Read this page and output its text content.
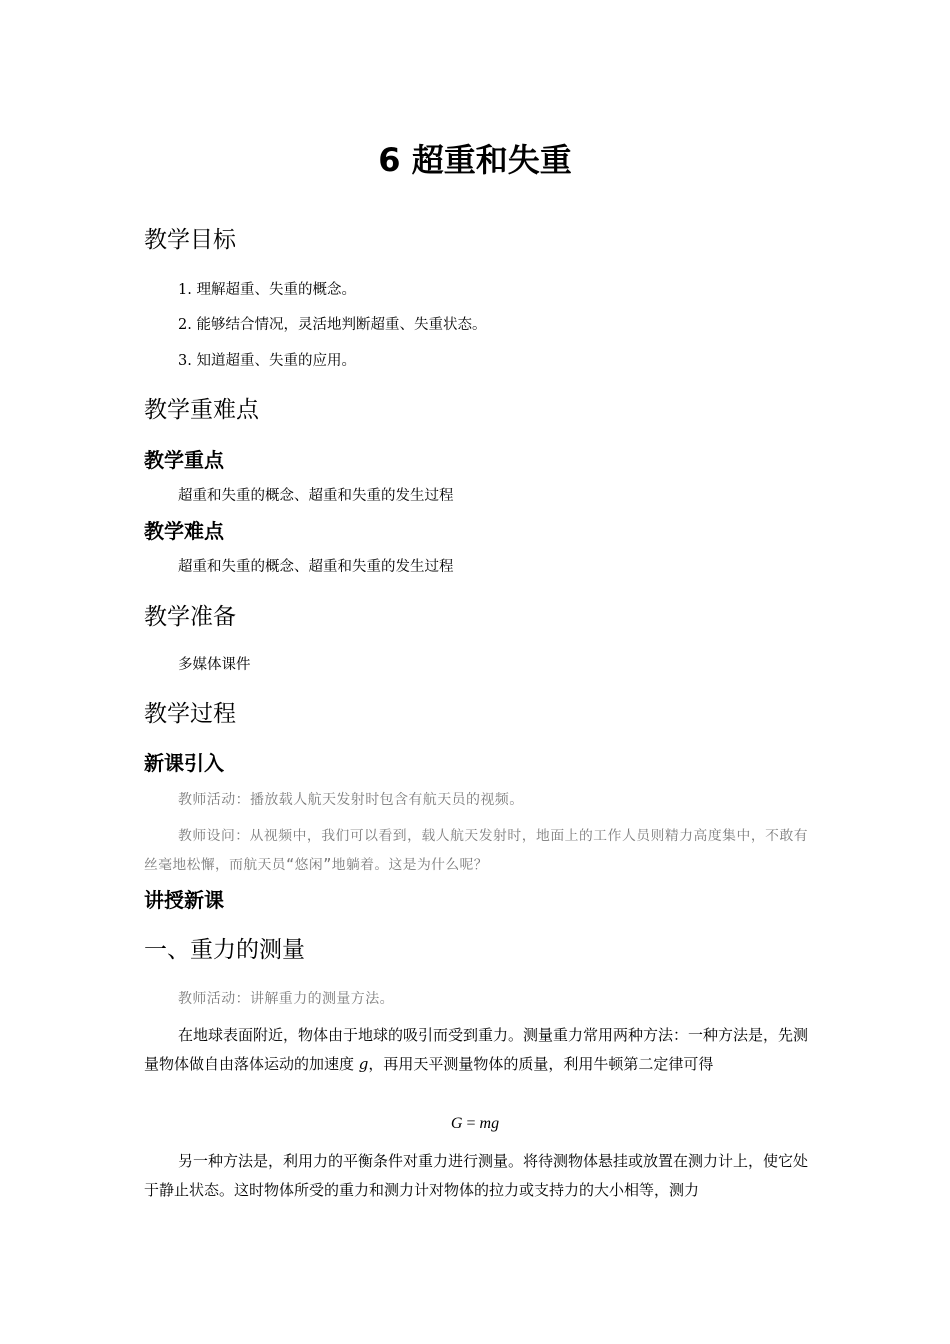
6 超重和失重
教学目标
1. 理解超重、失重的概念。
2. 能够结合情况，灵活地判断超重、失重状态。
3. 知道超重、失重的应用。
教学重难点
教学重点
超重和失重的概念、超重和失重的发生过程
教学难点
超重和失重的概念、超重和失重的发生过程
教学准备
多媒体课件
教学过程
新课引入
教师活动：播放载人航天发射时包含有航天员的视频。
教师设问：从视频中，我们可以看到，载人航天发射时，地面上的工作人员则精力高度集中，不敢有丝毫地松懈，而航天员“悠闲”地躺着。这是为什么呢？
讲授新课
一、重力的测量
教师活动：讲解重力的测量方法。
在地球表面附近，物体由于地球的吸引而受到重力。测量重力常用两种方法：一种方法是，先测量物体做自由落体运动的加速度 g，再用天平测量物体的质量，利用牛顿第二定律可得
G = mg
另一种方法是，利用力的平衡条件对重力进行测量。将待测物体悬挂或放置在测力计上，使它处于静止状态。这时物体所受的重力和测力计对物体的拉力或支持力的大小相等，测力
